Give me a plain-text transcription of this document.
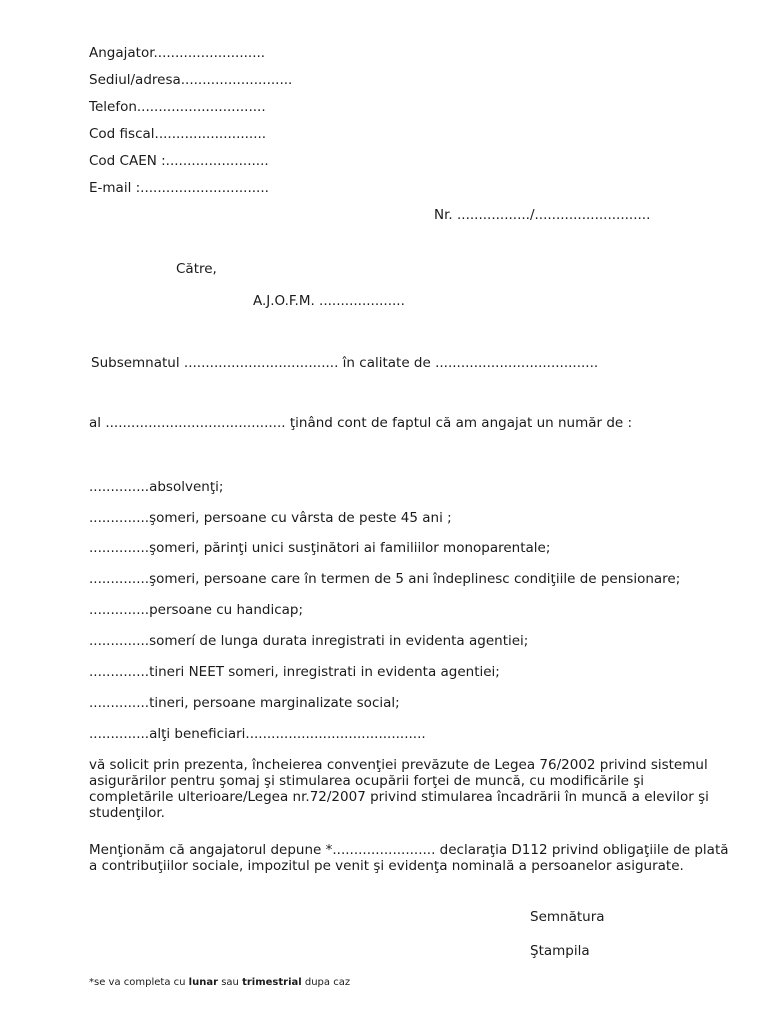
Angajator..........................
Sediul/adresa..........................
Telefon..............................
Cod fiscal..........................
Cod CAEN :........................
E-mail :..............................
Nr. ................./...........................
Către,
A.J.O.F.M. ....................
Subsemnatul .................................... în calitate de ......................................
al .......................................... ţinând cont de faptul că am angajat un număr de :
..............absolvenţi;
..............şomeri, persoane cu vârsta de peste 45 ani ;
..............şomeri, părinţi unici susţinători ai familiilor monoparentale;
..............şomeri, persoane care în termen de 5 ani îndeplinesc condiţiile de pensionare;
..............persoane cu handicap;
..............somerí de lunga durata inregistrati in evidenta agentiei;
..............tineri NEET someri, inregistrati in evidenta agentiei;
..............tineri, persoane marginalizate social;
..............alţi beneficiari..........................................
vă solicit prin prezenta, încheierea convenţiei prevăzute de Legea 76/2002 privind sistemul asigurărilor pentru şomaj şi stimularea ocupării forţei de muncă, cu modificările şi completările ulterioare/Legea nr.72/2007 privind stimularea încadrării în muncă a elevilor şi studenţilor.
Menţionăm că angajatorul depune *........................ declaraţia D112 privind obligaţiile de plată a contribuţiilor sociale, impozitul pe venit şi evidenţa nominală a persoanelor asigurate.
Semnătura
Ştampila
*se va completa cu lunar sau trimestrial dupa caz
